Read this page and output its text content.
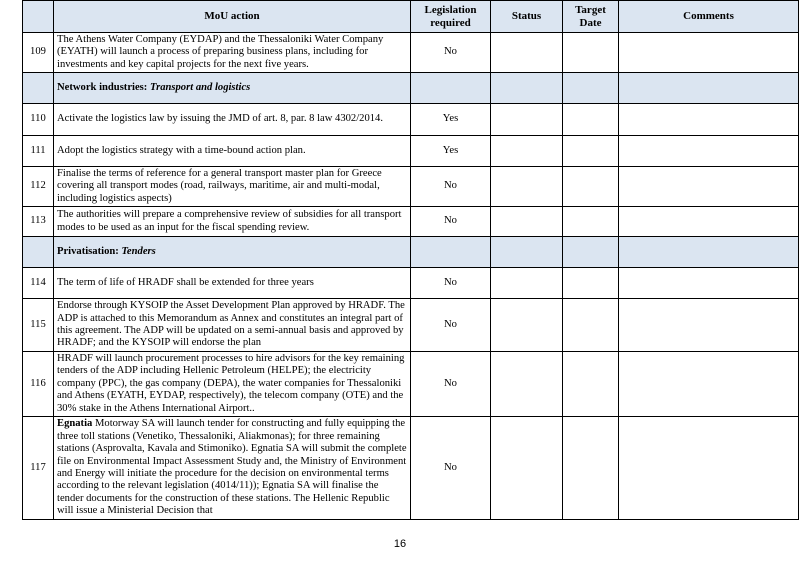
	MoU action	Legislation required	Status	Target Date	Comments
109	The Athens Water Company (EYDAP) and the Thessaloniki Water Company (EYATH) will launch a process of preparing business plans, including for investments and key capital projects for the next five years.	No			
	Network industries: Transport and logistics				
110	Activate the logistics law by issuing the JMD of art. 8, par. 8 law 4302/2014.	Yes			
111	Adopt the logistics strategy with a time-bound action plan.	Yes			
112	Finalise the terms of reference for a general transport master plan for Greece covering all transport modes (road, railways, maritime, air and multi-modal, including logistics aspects)	No			
113	The authorities will prepare a comprehensive review of subsidies for all transport modes to be used as an input for the fiscal spending review.	No			
	Privatisation: Tenders				
114	The term of life of HRADF shall be extended for three years	No			
115	Endorse through KYSOIP the Asset Development Plan approved by HRADF. The ADP is attached to this Memorandum as Annex and constitutes an integral part of this agreement. The ADP will be updated on a semi-annual basis and approved by HRADF; and the KYSOIP will endorse the plan	No			
116	HRADF will launch procurement processes to hire advisors for the key remaining tenders of the ADP including Hellenic Petroleum (HELPE); the electricity company (PPC), the gas company (DEPA), the water companies for Thessaloniki and Athens (EYATH, EYDAP, respectively), the telecom company (OTE) and the 30% stake in the Athens International Airport..	No			
117	Egnatia Motorway SA will launch tender for constructing and fully equipping the three toll stations (Venetiko, Thessaloniki, Aliakmonas); for three remaining stations (Asprovalta, Kavala and Stimoniko). Egnatia SA will submit the complete file on Environmental Impact Assessment Study and, the Ministry of Environment and Energy will initiate the procedure for the decision on environmental terms according to the relevant legislation (4014/11)); Egnatia SA will finalise the tender documents for the construction of these stations. The Hellenic Republic will issue a Ministerial Decision that	No			
16
